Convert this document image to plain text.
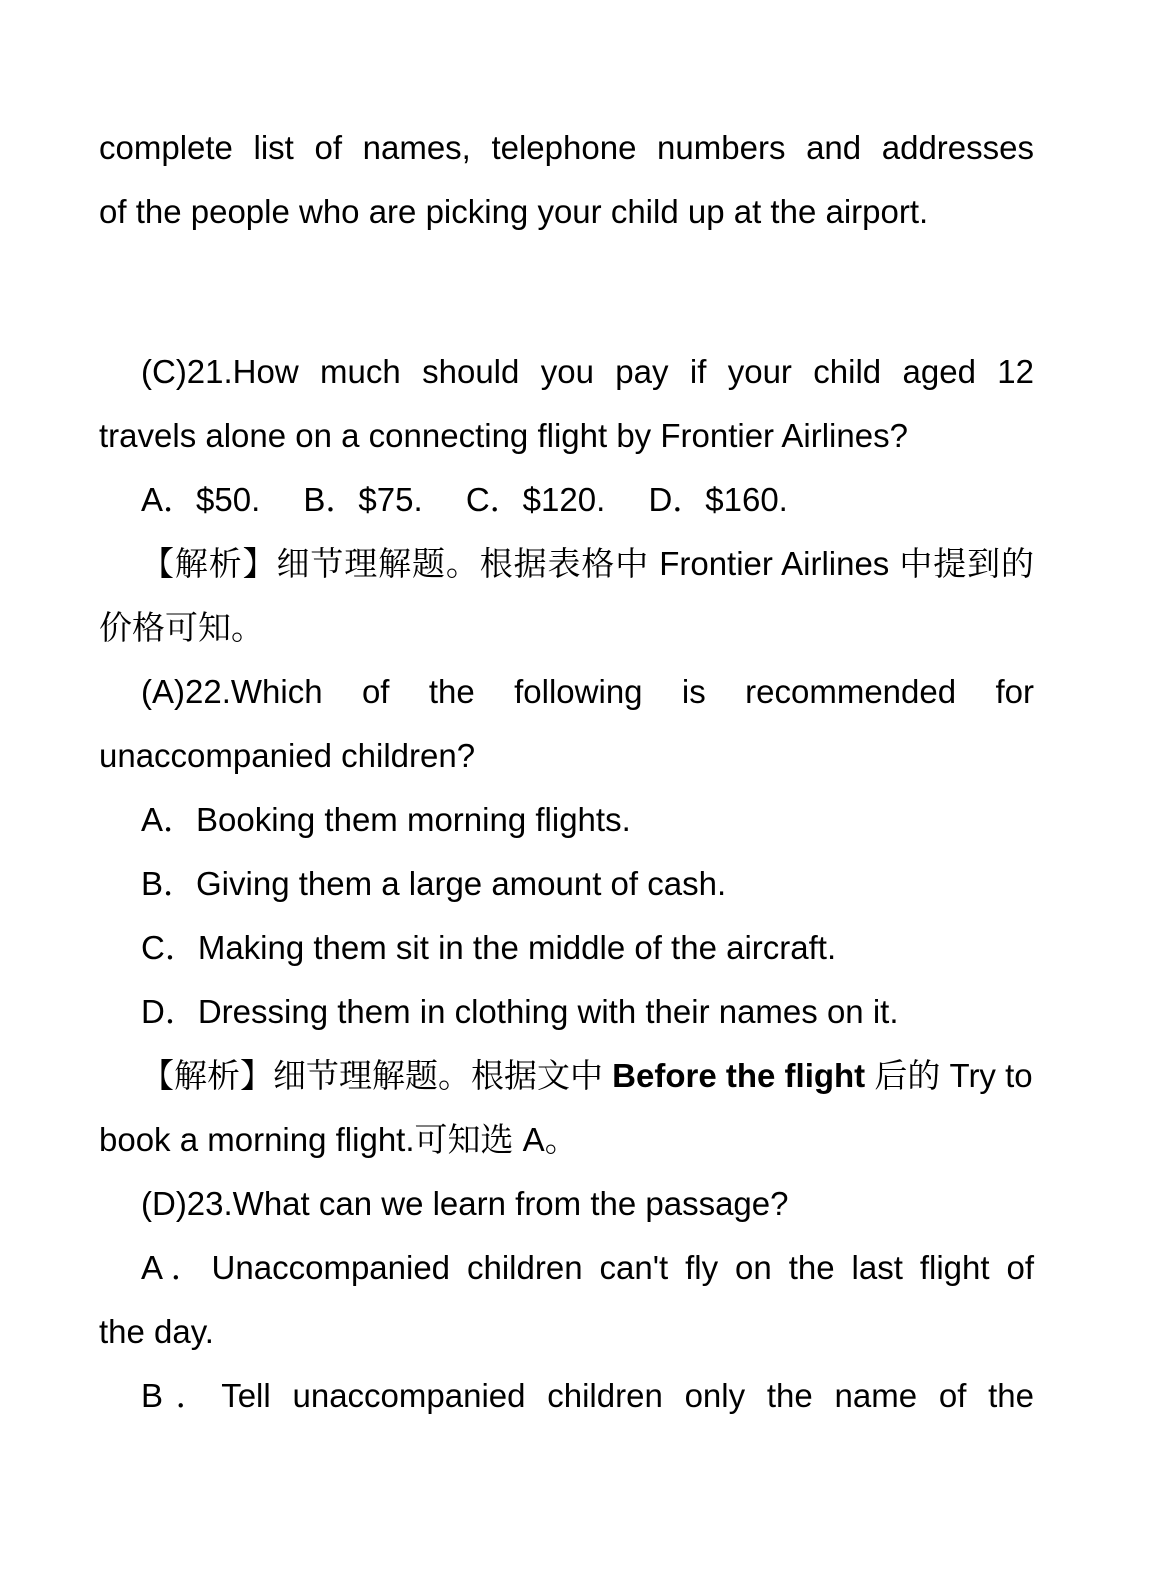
complete list of names, telephone numbers and addresses
of the people who are picking your child up at the airport.
(C)21.How much should you pay if your child aged 12
travels alone on a connecting flight by Frontier Airlines?
A．$50. B．$75. C．$120. D．$160.
【解析】细节理解题。根据表格中 Frontier Airlines 中提到的
价格可知。
(A)22.Which of the following is recommended for
unaccompanied children?
A．Booking them morning flights.
B．Giving them a large amount of cash.
C．Making them sit in the middle of the aircraft.
D．Dressing them in clothing with their names on it.
【解析】细节理解题。根据文中 Before the flight 后的 Try to
book a morning flight.可知选 A。
(D)23.What can we learn from the passage?
A．Unaccompanied children can't fly on the last flight of
the day.
B．Tell unaccompanied children only the name of the
